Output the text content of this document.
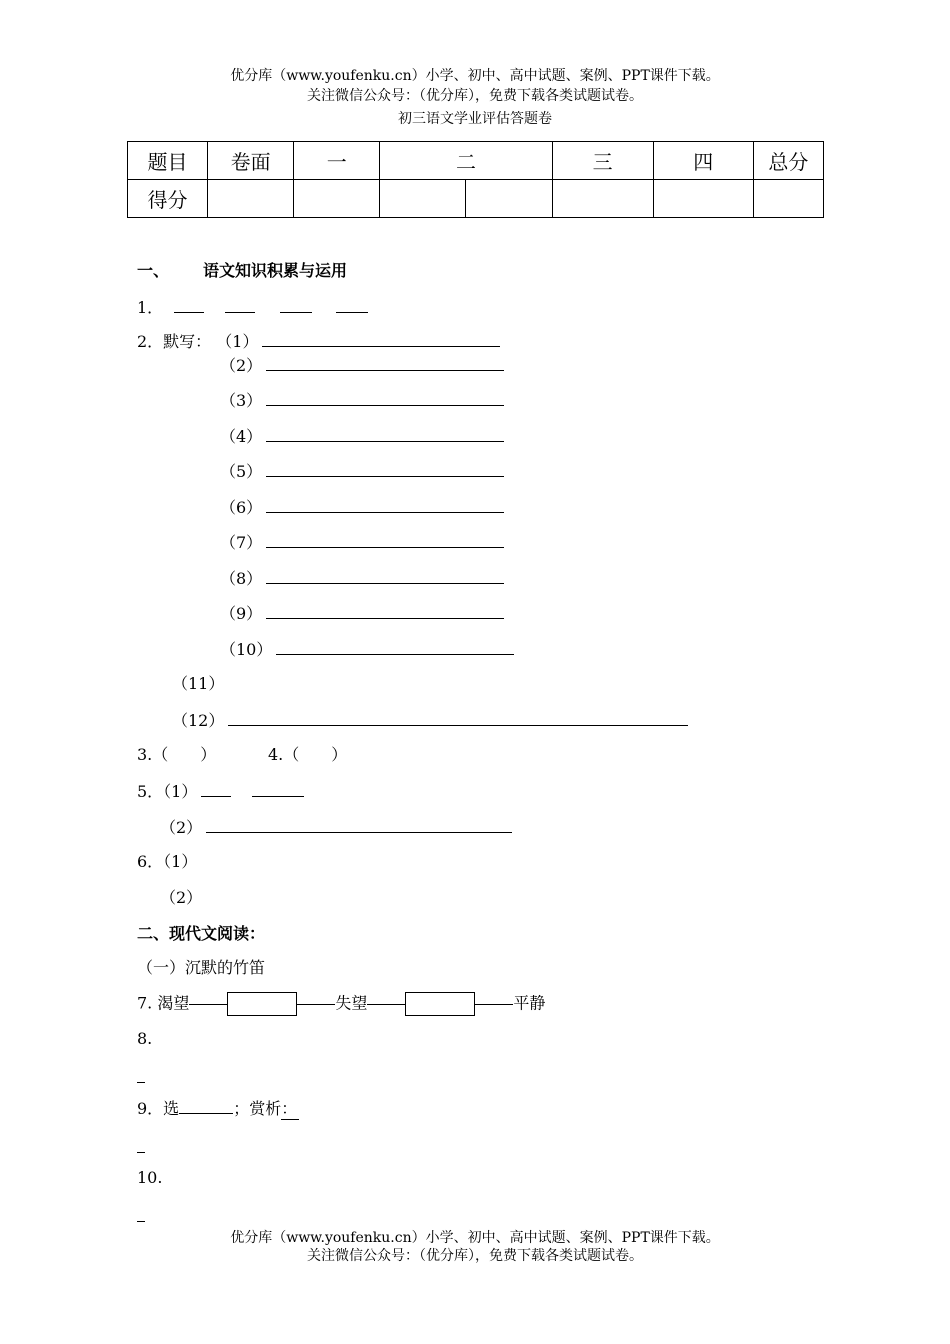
优分库（www.youfenku.cn）小学、初中、高中试题、案例、PPT课件下载。
关注微信公众号：（优分库），免费下载各类试题试卷。
初三语文学业评估答题卷
题目	卷面	一	二		三	四	总分
得分							
一、 语文知识积累与运用
1．
2．默写： （1）
（2）
（3）
（4）
（5）
（6）
（7）
（8）
（9）
（10）
（11）
（12）
3.（　　）	4.（　　）
5．（1）
（2）
6．（1）
（2）
二、现代文阅读：
（一）沉默的竹笛
7. 渴望	失望	平静
8.
9．选	；赏析：
10.
优分库（www.youfenku.cn）小学、初中、高中试题、案例、PPT课件下载。
关注微信公众号：（优分库），免费下载各类试题试卷。
